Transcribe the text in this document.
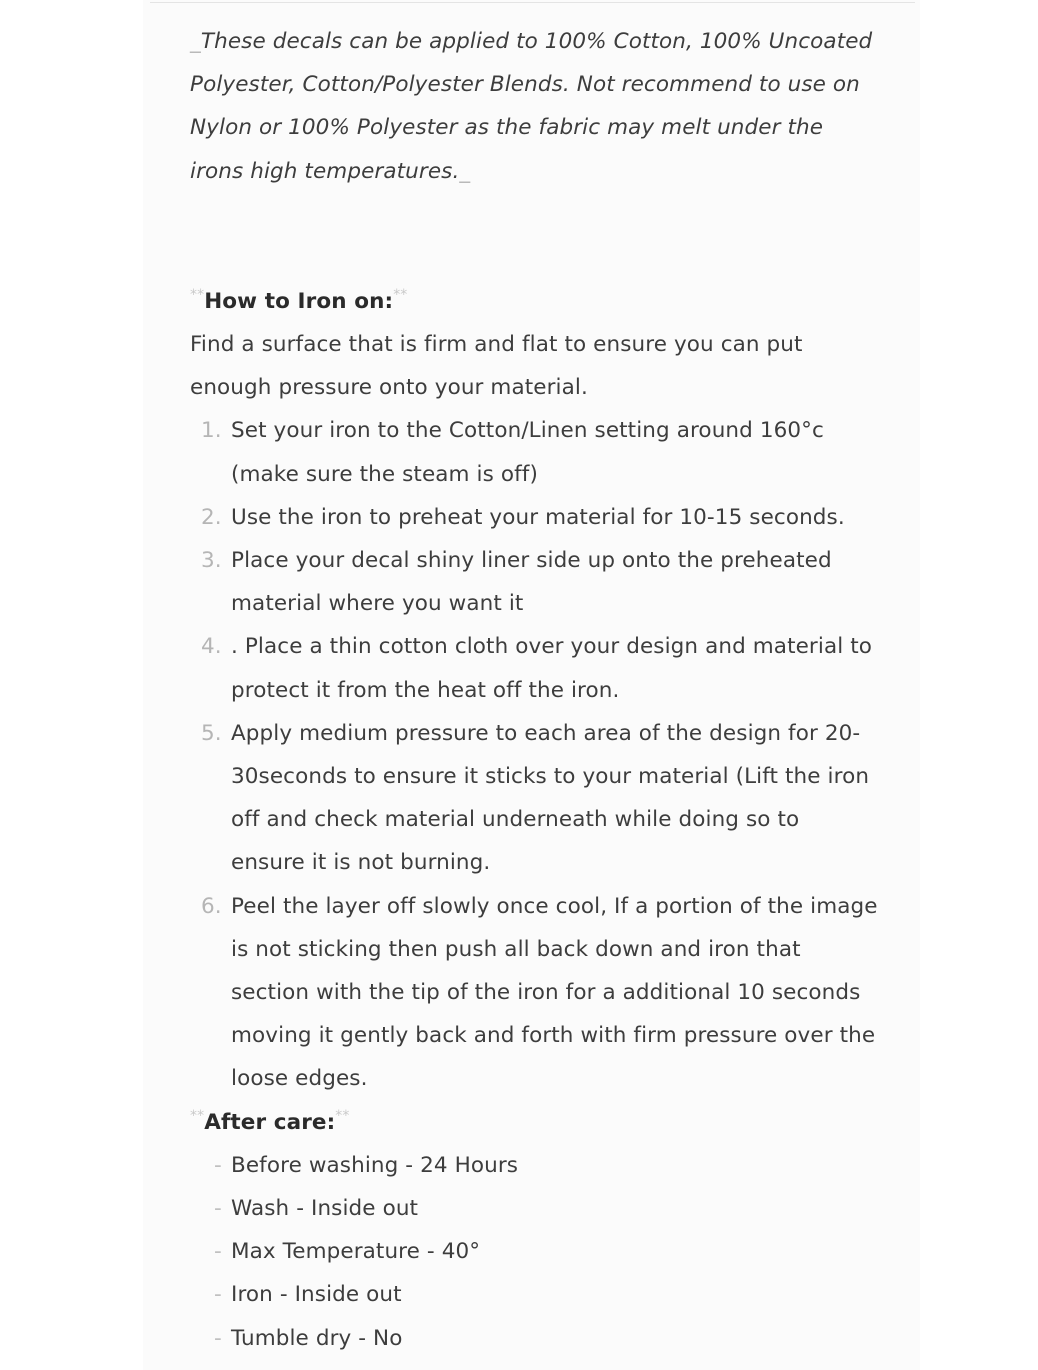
_These decals can be applied to 100% Cotton, 100% Uncoated Polyester, Cotton/Polyester Blends. Not recommend to use on Nylon or 100% Polyester as the fabric may melt under the irons high temperatures._

**How to Iron on:**

Find a surface that is firm and flat to ensure you can put enough pressure onto your material.

1. Set your iron to the Cotton/Linen setting around 160°c (make sure the steam is off)
2. Use the iron to preheat your material for 10-15 seconds.
3. Place your decal shiny liner side up onto the preheated material where you want it
4. . Place a thin cotton cloth over your design and material to protect it from the heat off the iron.
5. Apply medium pressure to each area of the design for 20-30seconds to ensure it sticks to your material (Lift the iron off and check material underneath while doing so to ensure it is not burning.
6. Peel the layer off slowly once cool, If a portion of the image is not sticking then push all back down and iron that section with the tip of the iron for a additional 10 seconds moving it gently back and forth with firm pressure over the loose edges.

**After care:**

- Before washing - 24 Hours
- Wash - Inside out
- Max Temperature - 40°
- Iron - Inside out
- Tumble dry - No
